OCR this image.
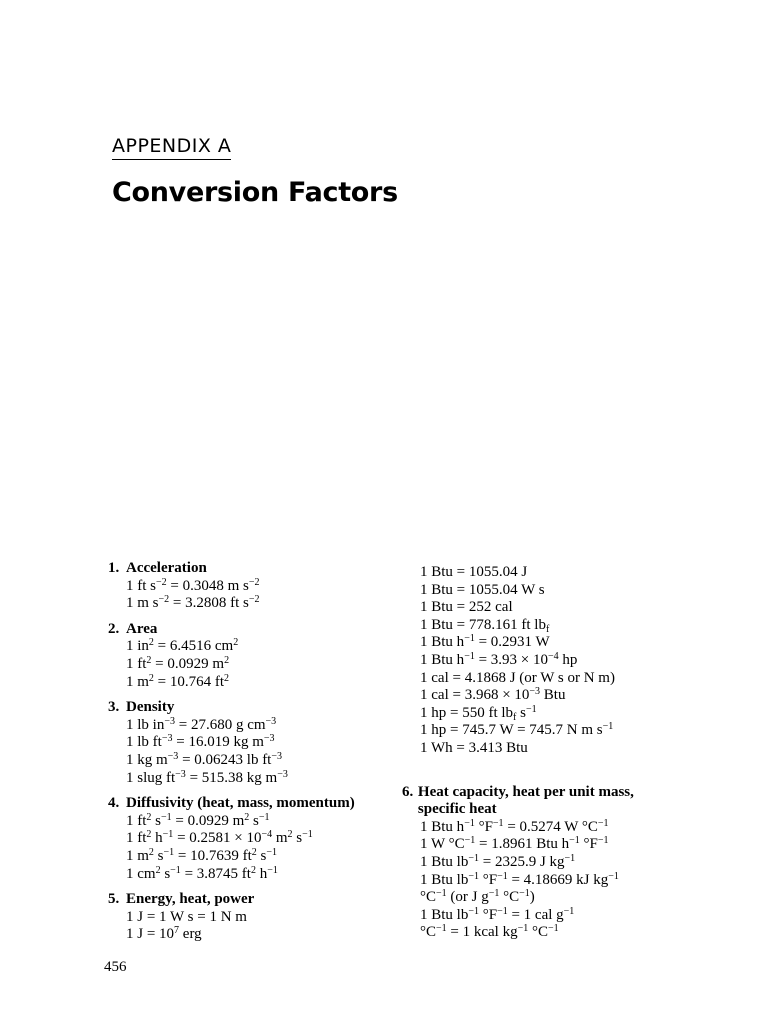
APPENDIX A
Conversion Factors
1. Acceleration
1 ft $s^{-2} = 0.3048$ m $s^{-2}$
1 m $s^{-2} = 3.2808$ ft $s^{-2}$
2. Area
1 $in^2 = 6.4516$ $cm^2$
1 $ft^2 = 0.0929$ $m^2$
1 $m^2 = 10.764$ $ft^2$
3. Density
1 lb $in^{-3} = 27.680$ g $cm^{-3}$
1 lb $ft^{-3} = 16.019$ kg $m^{-3}$
1 kg $m^{-3} = 0.06243$ lb $ft^{-3}$
1 slug $ft^{-3} = 515.38$ kg $m^{-3}$
4. Diffusivity (heat, mass, momentum)
1 $ft^2$ $s^{-1} = 0.0929$ $m^2$ $s^{-1}$
1 $ft^2$ $h^{-1} = 0.2581 \times 10^{-4}$ $m^2$ $s^{-1}$
1 $m^2$ $s^{-1} = 10.7639$ $ft^2$ $s^{-1}$
1 $cm^2$ $s^{-1} = 3.8745$ $ft^2$ $h^{-1}$
5. Energy, heat, power
1 J = 1 W s = 1 N m
1 $J = 10^7$ erg
1 Btu = 1055.04 J
1 Btu = 1055.04 W s
1 Btu = 252 cal
1 Btu = 778.161 ft $lb_f$
1 Btu $h^{-1} = 0.2931$ W
1 Btu $h^{-1} = 3.93 \times 10^{-4}$ hp
1 cal = 4.1868 J (or W s or N m)
1 cal = $3.968 \times 10^{-3}$ Btu
1 hp = 550 ft $lb_f$ $s^{-1}$
1 hp = 745.7 W = 745.7 N m $s^{-1}$
1 Wh = 3.413 Btu
6. Heat capacity, heat per unit mass, specific heat
1 Btu $h^{-1}$ $^\circ F^{-1} = 0.5274$ W $^\circ C^{-1}$
1 W $^\circ C^{-1} = 1.8961$ Btu $h^{-1}$ $^\circ F^{-1}$
1 Btu $lb^{-1} = 2325.9$ J $kg^{-1}$
1 Btu $lb^{-1}$ $^\circ F^{-1} = 4.18669$ kJ $kg^{-1}$
$^\circ C^{-1}$ (or J $g^{-1}$ $^\circ C^{-1}$)
1 Btu $lb^{-1}$ $^\circ F^{-1} = 1$ cal $g^{-1}$
$^\circ C^{-1} = 1$ kcal $kg^{-1}$ $^\circ C^{-1}$
456
